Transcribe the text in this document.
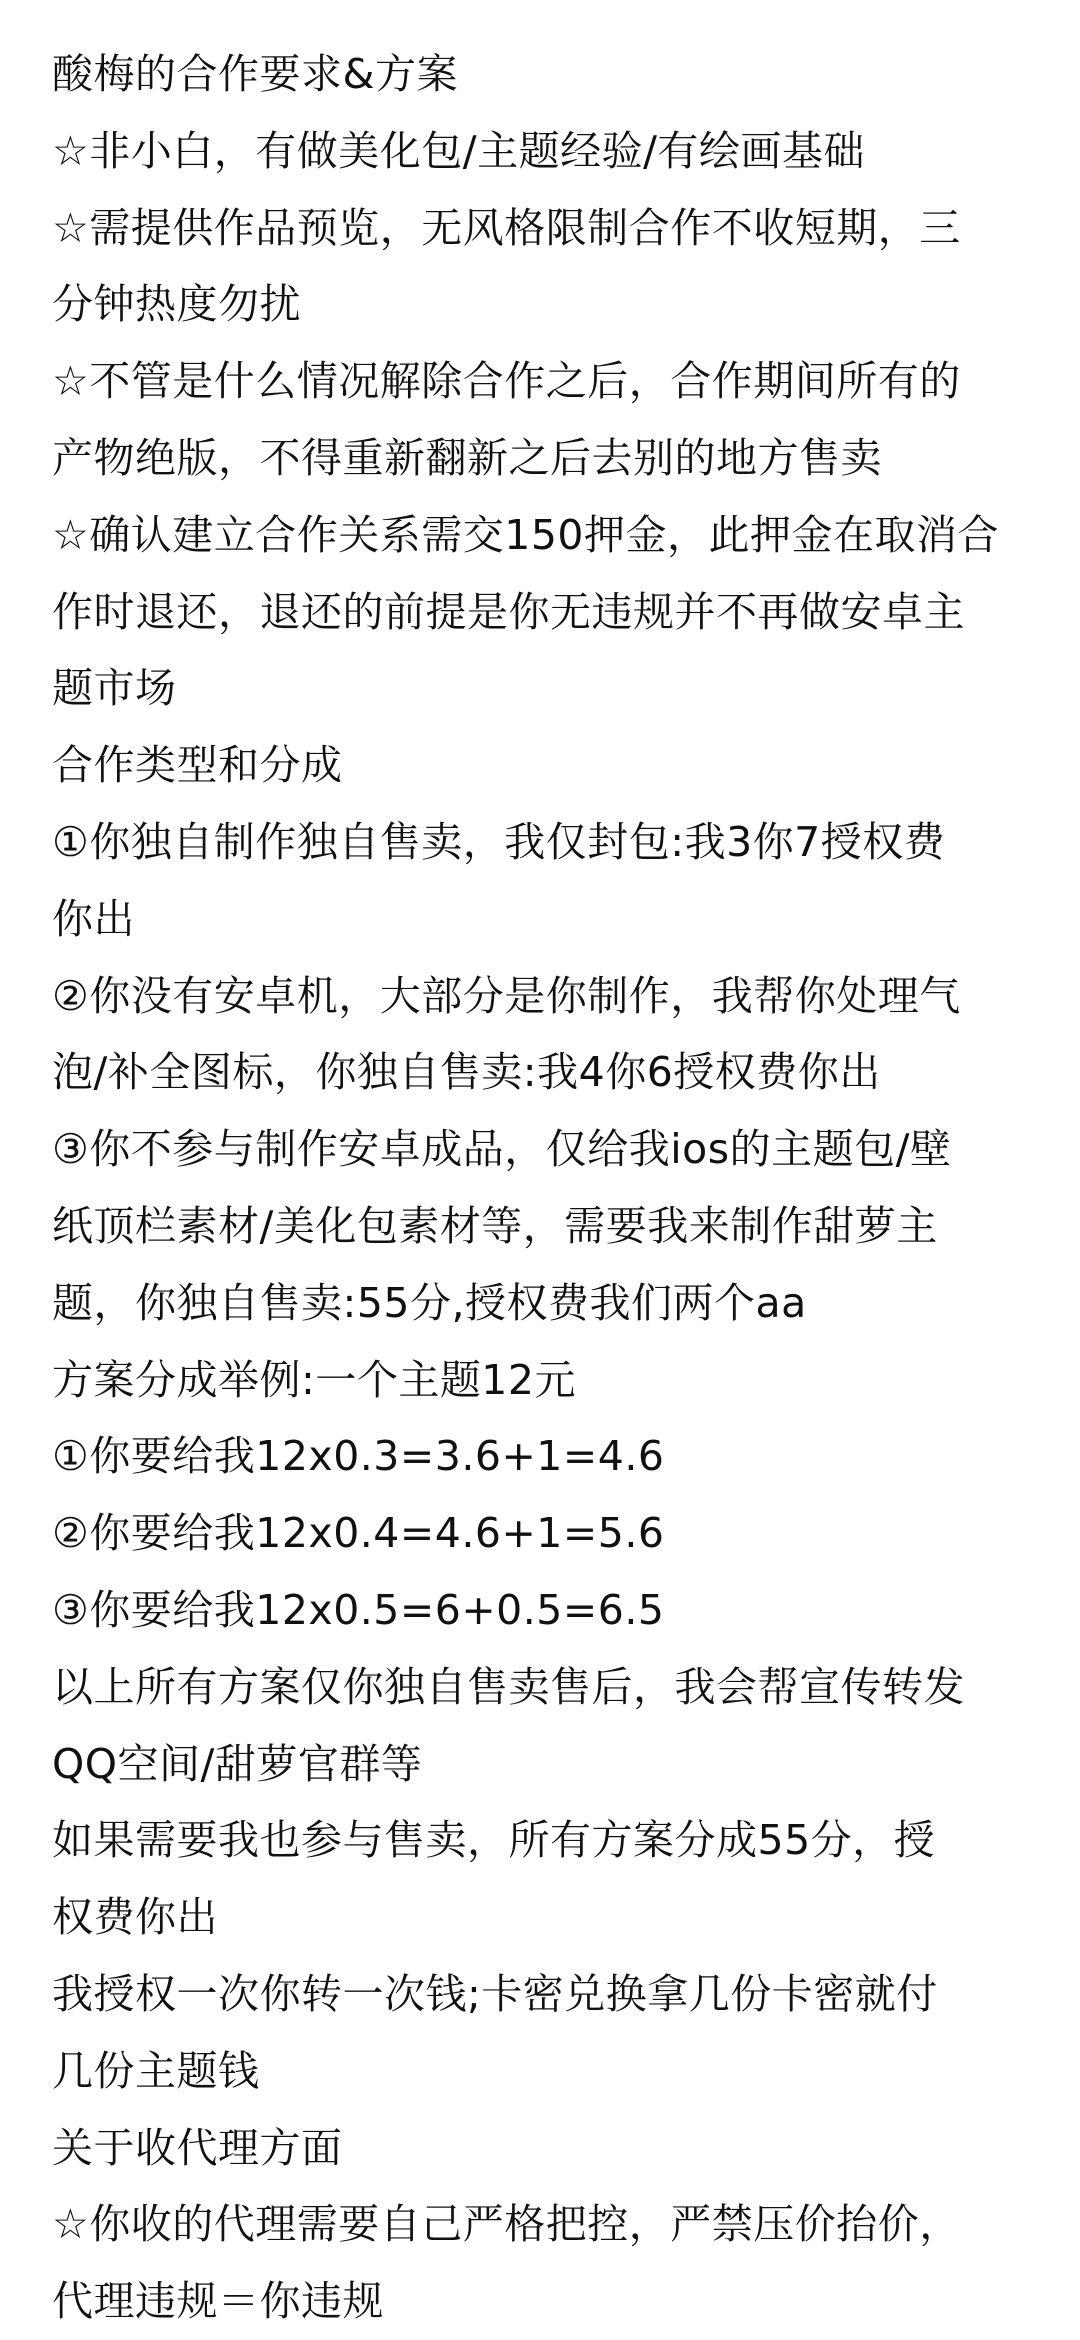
酸梅的合作要求&方案
☆非小白，有做美化包/主题经验/有绘画基础
☆需提供作品预览，无风格限制合作不收短期，三
分钟热度勿扰
☆不管是什么情况解除合作之后，合作期间所有的
产物绝版，不得重新翻新之后去别的地方售卖
☆确认建立合作关系需交150押金，此押金在取消合
作时退还，退还的前提是你无违规并不再做安卓主
题市场
合作类型和分成
①你独自制作独自售卖，我仅封包:我3你7授权费
你出
②你没有安卓机，大部分是你制作，我帮你处理气
泡/补全图标，你独自售卖:我4你6授权费你出
③你不参与制作安卓成品，仅给我ios的主题包/壁
纸顶栏素材/美化包素材等，需要我来制作甜萝主
题，你独自售卖:55分,授权费我们两个aa
方案分成举例:一个主题12元
①你要给我12x0.3=3.6+1=4.6
②你要给我12x0.4=4.6+1=5.6
③你要给我12x0.5=6+0.5=6.5
以上所有方案仅你独自售卖售后，我会帮宣传转发
QQ空间/甜萝官群等
如果需要我也参与售卖，所有方案分成55分，授
权费你出
我授权一次你转一次钱;卡密兑换拿几份卡密就付
几份主题钱
关于收代理方面
☆你收的代理需要自己严格把控，严禁压价抬价，
代理违规＝你违规
